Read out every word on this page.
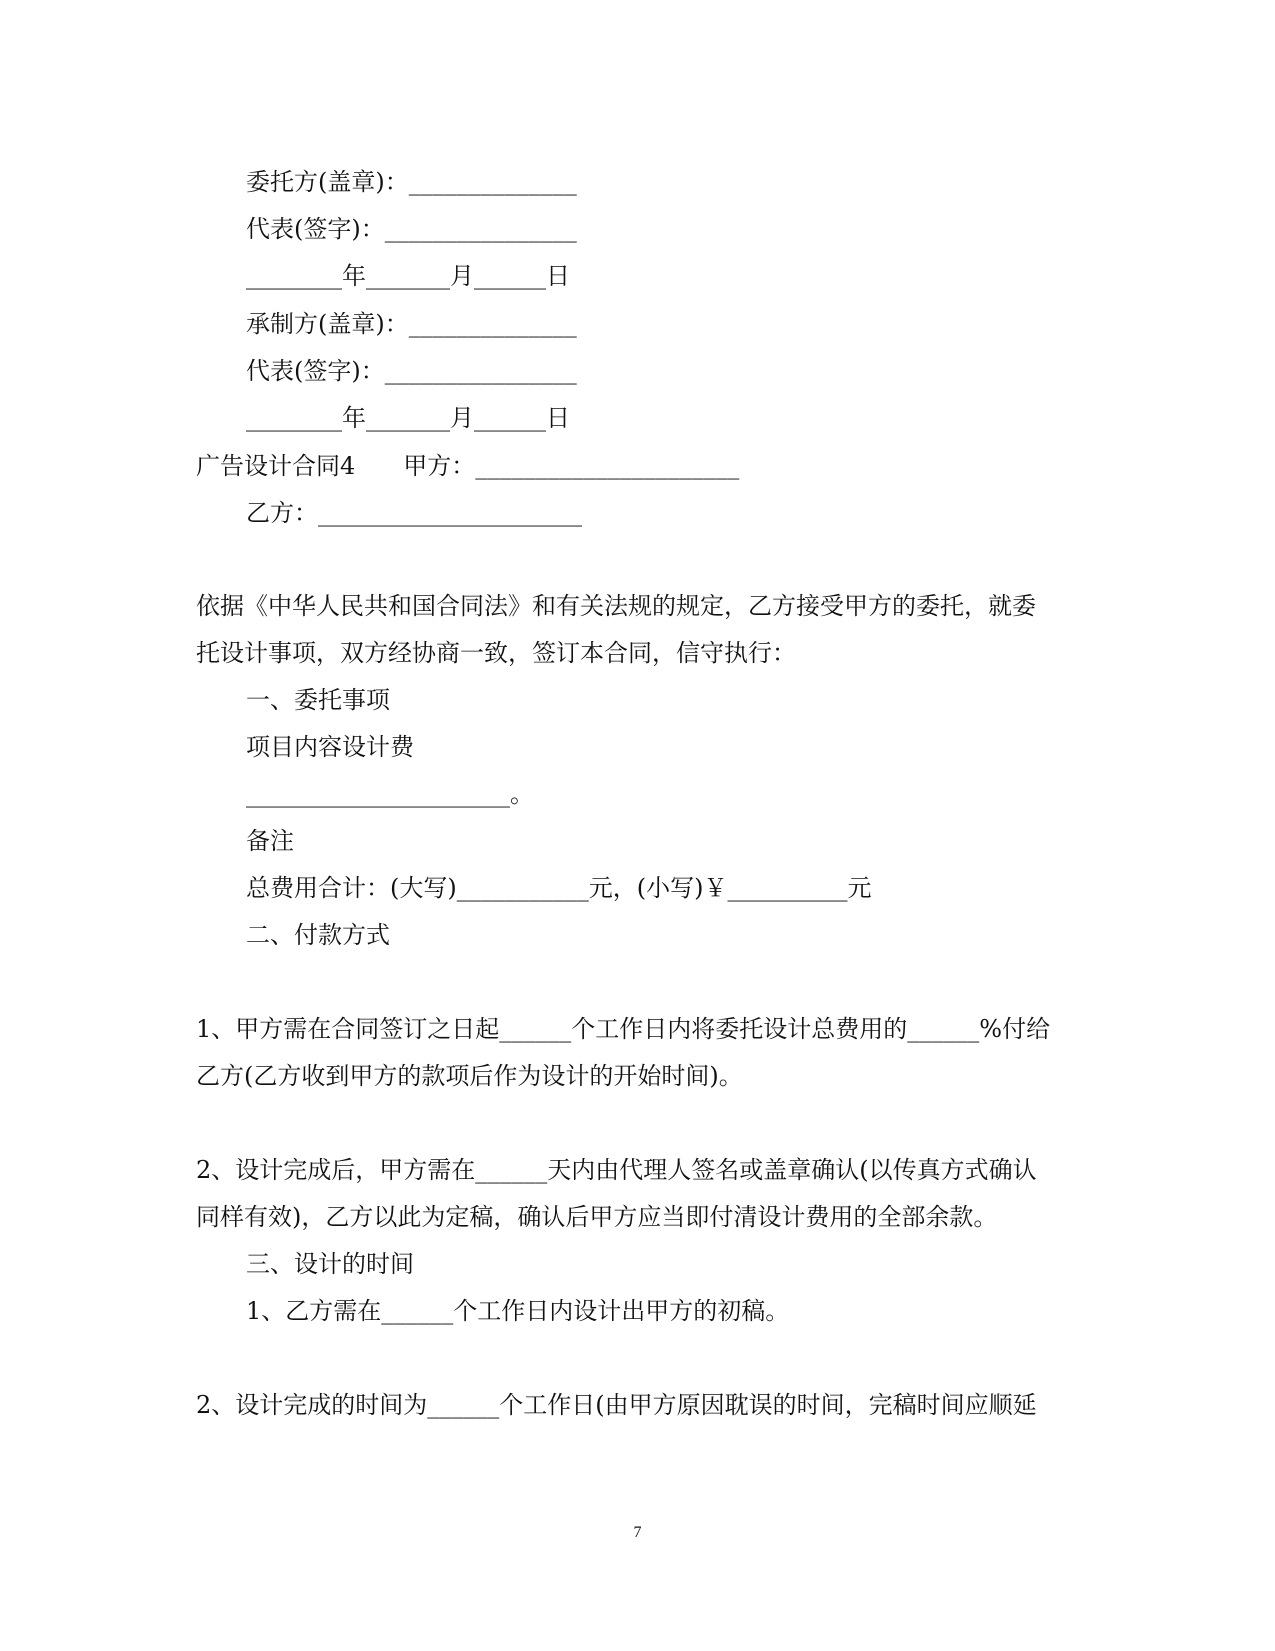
委托方(盖章)：______________
代表(签字)：________________
________年_______月______日
承制方(盖章)：______________
代表(签字)：________________
________年_______月______日
广告设计合同4　　甲方：______________________
乙方：______________________
依据《中华人民共和国合同法》和有关法规的规定，乙方接受甲方的委托，就委
托设计事项，双方经协商一致，签订本合同，信守执行：
一、委托事项
项目内容设计费
______________________。
备注
总费用合计：(大写)___________元，(小写)￥__________元
二、付款方式
1、甲方需在合同签订之日起______个工作日内将委托设计总费用的______%付给
乙方(乙方收到甲方的款项后作为设计的开始时间)。
2、设计完成后，甲方需在______天内由代理人签名或盖章确认(以传真方式确认
同样有效)，乙方以此为定稿，确认后甲方应当即付清设计费用的全部余款。
三、设计的时间
1、乙方需在______个工作日内设计出甲方的初稿。
2、设计完成的时间为______个工作日(由甲方原因耽误的时间，完稿时间应顺延
7
